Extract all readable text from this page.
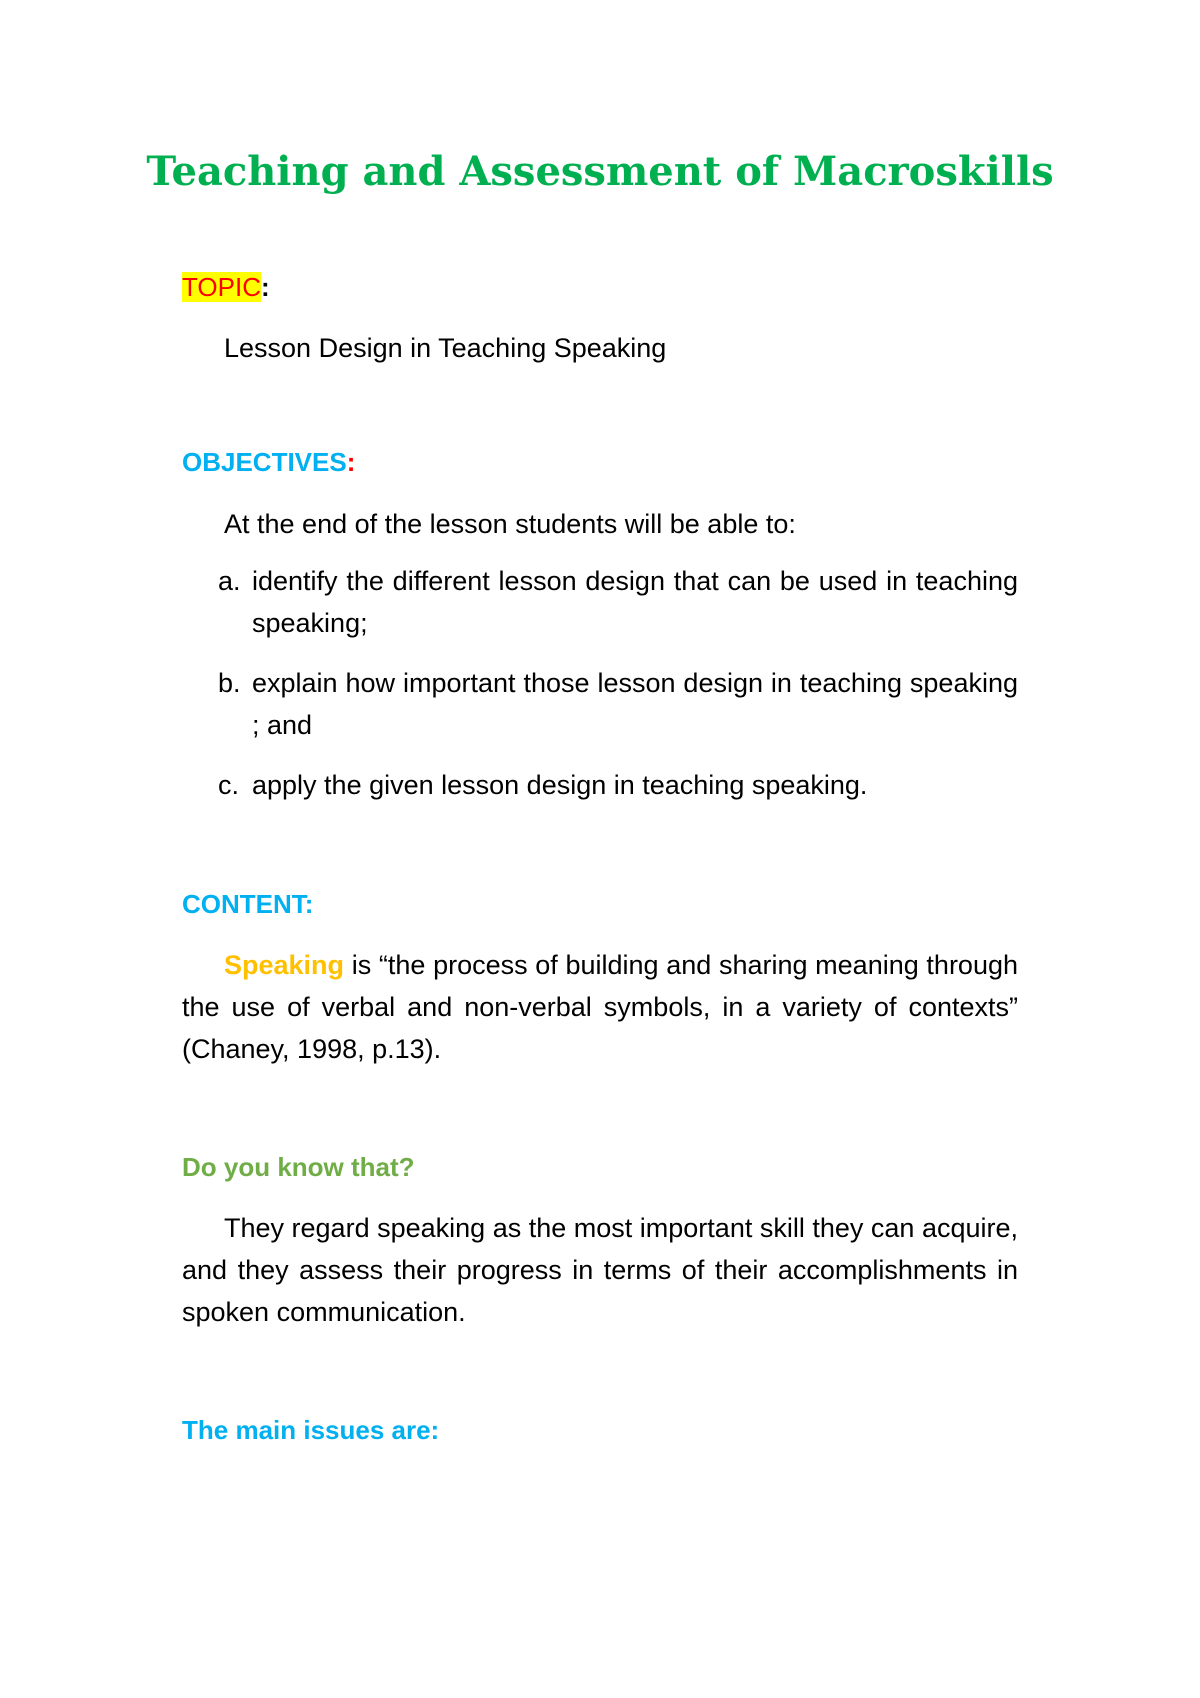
Teaching and Assessment of Macroskills

TOPIC:

Lesson Design in Teaching Speaking

OBJECTIVES:

At the end of the lesson students will be able to:

a. identify the different lesson design that can be used in teaching speaking;
b. explain how important those lesson design in teaching speaking ; and
c. apply the given lesson design in teaching speaking.

CONTENT:

Speaking is “the process of building and sharing meaning through the use of verbal and non-verbal symbols, in a variety of contexts” (Chaney, 1998, p.13).

Do you know that?

They regard speaking as the most important skill they can acquire, and they assess their progress in terms of their accomplishments in spoken communication.

The main issues are:
